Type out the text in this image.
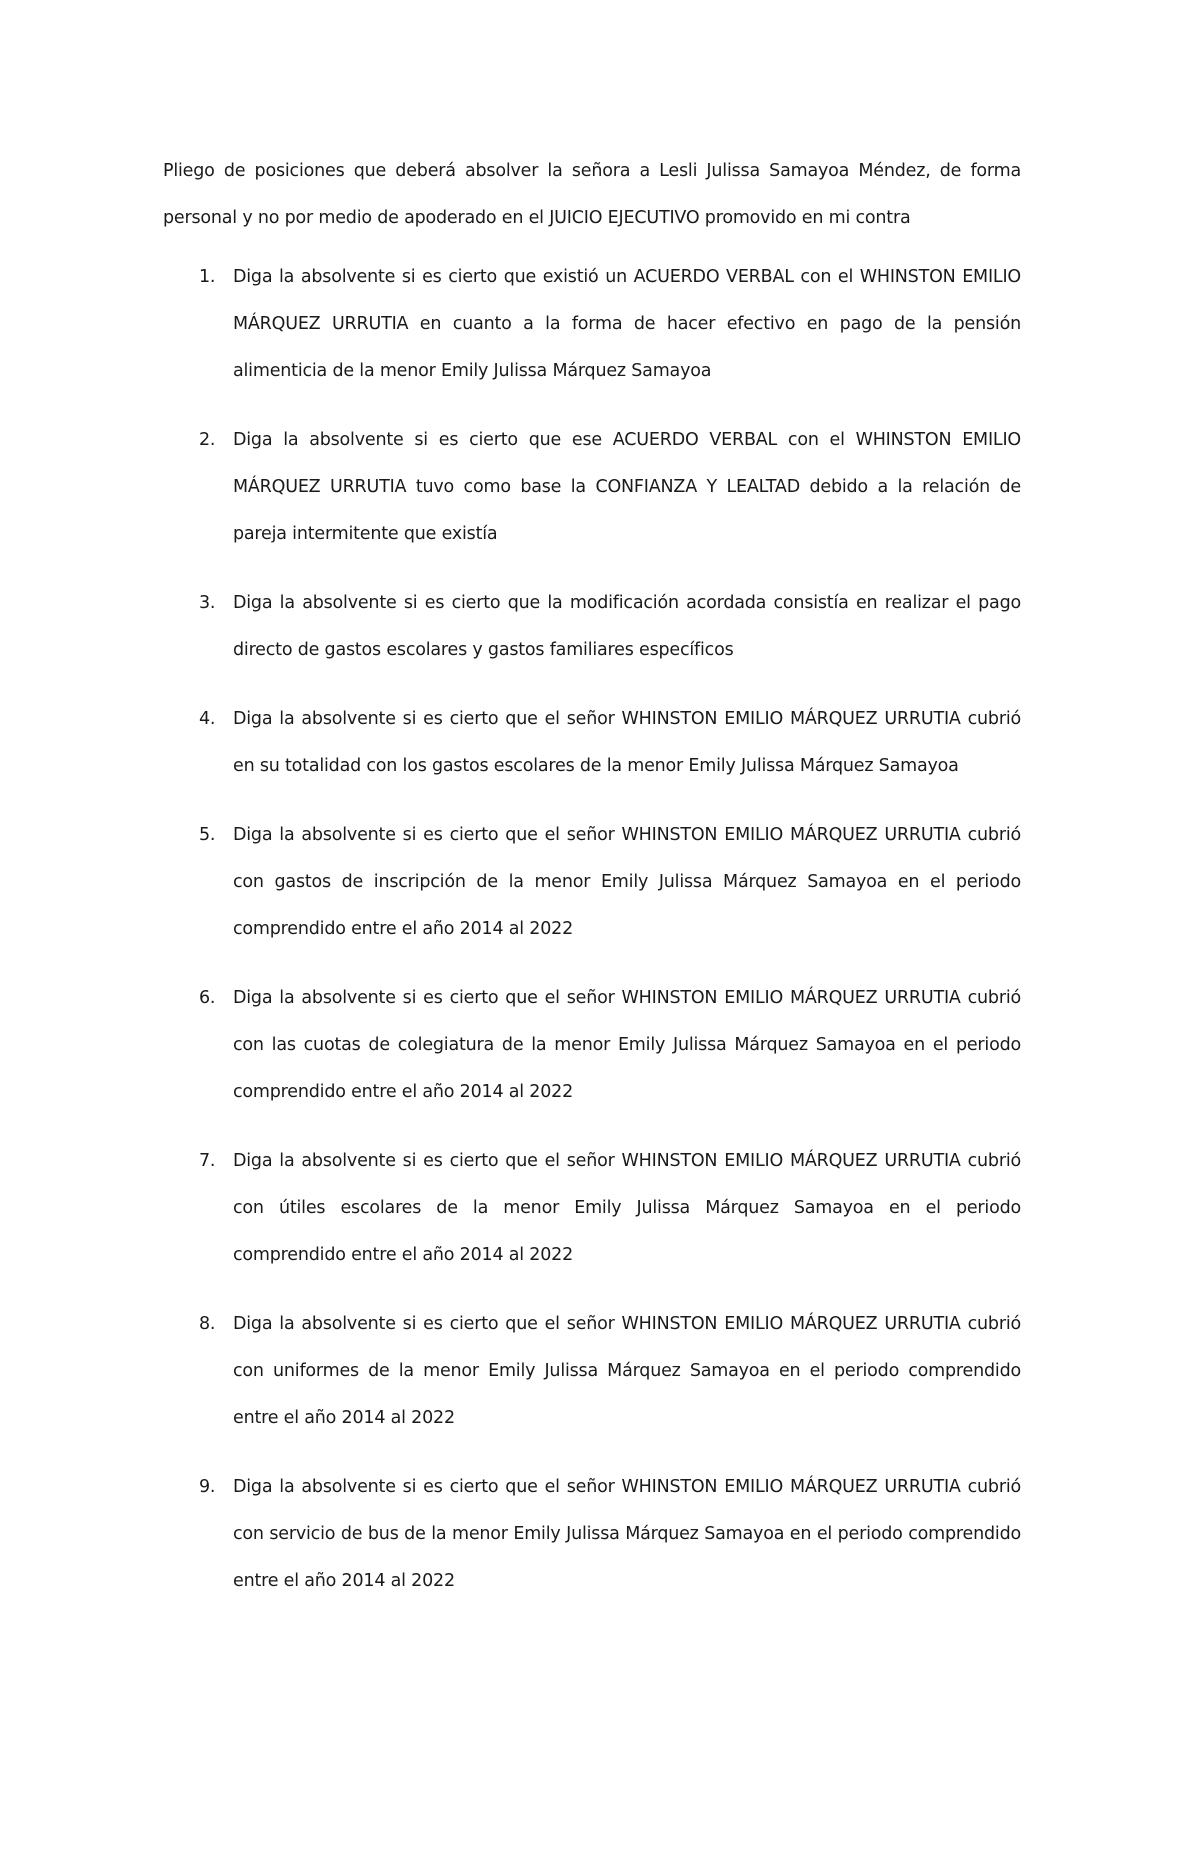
Pliego de posiciones que deberá absolver la señora a Lesli Julissa Samayoa Méndez, de forma personal y no por medio de apoderado en el JUICIO EJECUTIVO promovido en mi contra

1. Diga la absolvente si es cierto que existió un ACUERDO VERBAL con el WHINSTON EMILIO MÁRQUEZ URRUTIA en cuanto a la forma de hacer efectivo en pago de la pensión alimenticia de la menor Emily Julissa Márquez Samayoa
2. Diga la absolvente si es cierto que ese ACUERDO VERBAL con el WHINSTON EMILIO MÁRQUEZ URRUTIA tuvo como base la CONFIANZA Y LEALTAD debido a la relación de pareja intermitente que existía
3. Diga la absolvente si es cierto que la modificación acordada consistía en realizar el pago directo de gastos escolares y gastos familiares específicos
4. Diga la absolvente si es cierto que el señor WHINSTON EMILIO MÁRQUEZ URRUTIA cubrió en su totalidad con los gastos escolares de la menor Emily Julissa Márquez Samayoa
5. Diga la absolvente si es cierto que el señor WHINSTON EMILIO MÁRQUEZ URRUTIA cubrió con gastos de inscripción de la menor Emily Julissa Márquez Samayoa en el periodo comprendido entre el año 2014 al 2022
6. Diga la absolvente si es cierto que el señor WHINSTON EMILIO MÁRQUEZ URRUTIA cubrió con las cuotas de colegiatura de la menor Emily Julissa Márquez Samayoa en el periodo comprendido entre el año 2014 al 2022
7. Diga la absolvente si es cierto que el señor WHINSTON EMILIO MÁRQUEZ URRUTIA cubrió con útiles escolares de la menor Emily Julissa Márquez Samayoa en el periodo comprendido entre el año 2014 al 2022
8. Diga la absolvente si es cierto que el señor WHINSTON EMILIO MÁRQUEZ URRUTIA cubrió con uniformes de la menor Emily Julissa Márquez Samayoa en el periodo comprendido entre el año 2014 al 2022
9. Diga la absolvente si es cierto que el señor WHINSTON EMILIO MÁRQUEZ URRUTIA cubrió con servicio de bus de la menor Emily Julissa Márquez Samayoa en el periodo comprendido entre el año 2014 al 2022
